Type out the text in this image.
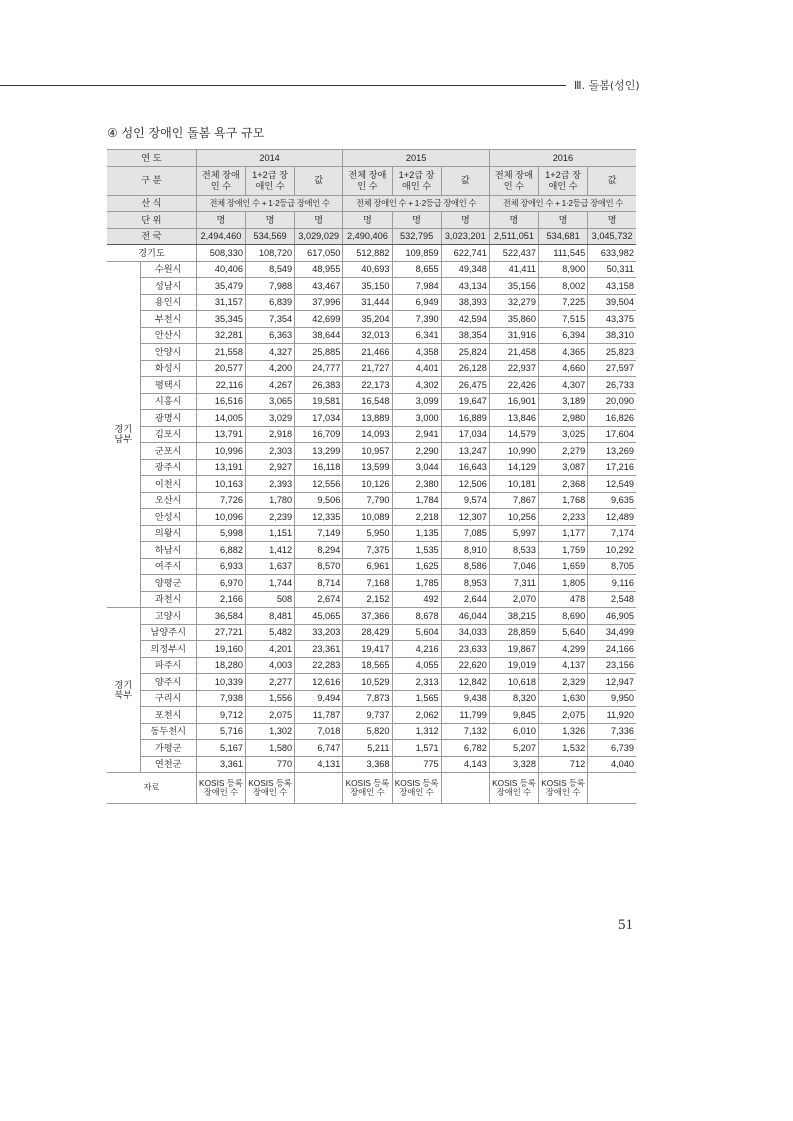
Ⅲ. 돌봄(성인)
④ 성인 장애인 돌봄 욕구 규모
연 도		2014			2015			2016		
구 분		전체 장애인 수	1+2급 장애인 수	값	전체 장애인 수	1+2급 장애인 수	값	전체 장애인 수	1+2급 장애인 수	값
산 식		전체 장애인 수 + 1·2등급 장애인 수			전체 장애인 수 + 1·2등급 장애인 수			전체 장애인 수 + 1·2등급 장애인 수		
단 위		명	명	명	명	명	명	명	명	명
전 국		2,494,460	534,569	3,029,029	2,490,406	532,795	3,023,201	2,511,051	534,681	3,045,732
경기도		508,330	108,720	617,050	512,882	109,859	622,741	522,437	111,545	633,982
경기 남부	수원시	40,406	8,549	48,955	40,693	8,655	49,348	41,411	8,900	50,311
	성남시	35,479	7,988	43,467	35,150	7,984	43,134	35,156	8,002	43,158
	용인시	31,157	6,839	37,996	31,444	6,949	38,393	32,279	7,225	39,504
	부천시	35,345	7,354	42,699	35,204	7,390	42,594	35,860	7,515	43,375
	안산시	32,281	6,363	38,644	32,013	6,341	38,354	31,916	6,394	38,310
	안양시	21,558	4,327	25,885	21,466	4,358	25,824	21,458	4,365	25,823
	화성시	20,577	4,200	24,777	21,727	4,401	26,128	22,937	4,660	27,597
	평택시	22,116	4,267	26,383	22,173	4,302	26,475	22,426	4,307	26,733
	시흥시	16,516	3,065	19,581	16,548	3,099	19,647	16,901	3,189	20,090
	광명시	14,005	3,029	17,034	13,889	3,000	16,889	13,846	2,980	16,826
	김포시	13,791	2,918	16,709	14,093	2,941	17,034	14,579	3,025	17,604
	군포시	10,996	2,303	13,299	10,957	2,290	13,247	10,990	2,279	13,269
	광주시	13,191	2,927	16,118	13,599	3,044	16,643	14,129	3,087	17,216
	이천시	10,163	2,393	12,556	10,126	2,380	12,506	10,181	2,368	12,549
	오산시	7,726	1,780	9,506	7,790	1,784	9,574	7,867	1,768	9,635
	안성시	10,096	2,239	12,335	10,089	2,218	12,307	10,256	2,233	12,489
	의왕시	5,998	1,151	7,149	5,950	1,135	7,085	5,997	1,177	7,174
	하남시	6,882	1,412	8,294	7,375	1,535	8,910	8,533	1,759	10,292
	여주시	6,933	1,637	8,570	6,961	1,625	8,586	7,046	1,659	8,705
	양평군	6,970	1,744	8,714	7,168	1,785	8,953	7,311	1,805	9,116
	과천시	2,166	508	2,674	2,152	492	2,644	2,070	478	2,548
경기 북부	고양시	36,584	8,481	45,065	37,366	8,678	46,044	38,215	8,690	46,905
	남양주시	27,721	5,482	33,203	28,429	5,604	34,033	28,859	5,640	34,499
	의정부시	19,160	4,201	23,361	19,417	4,216	23,633	19,867	4,299	24,166
	파주시	18,280	4,003	22,283	18,565	4,055	22,620	19,019	4,137	23,156
	양주시	10,339	2,277	12,616	10,529	2,313	12,842	10,618	2,329	12,947
	구리시	7,938	1,556	9,494	7,873	1,565	9,438	8,320	1,630	9,950
	포천시	9,712	2,075	11,787	9,737	2,062	11,799	9,845	2,075	11,920
	동두천시	5,716	1,302	7,018	5,820	1,312	7,132	6,010	1,326	7,336
	가평군	5,167	1,580	6,747	5,211	1,571	6,782	5,207	1,532	6,739
	연천군	3,361	770	4,131	3,368	775	4,143	3,328	712	4,040
자료		KOSIS 등록 장애인 수	KOSIS 등록 장애인 수		KOSIS 등록 장애인 수	KOSIS 등록 장애인 수		KOSIS 등록 장애인 수	KOSIS 등록 장애인 수	
51
